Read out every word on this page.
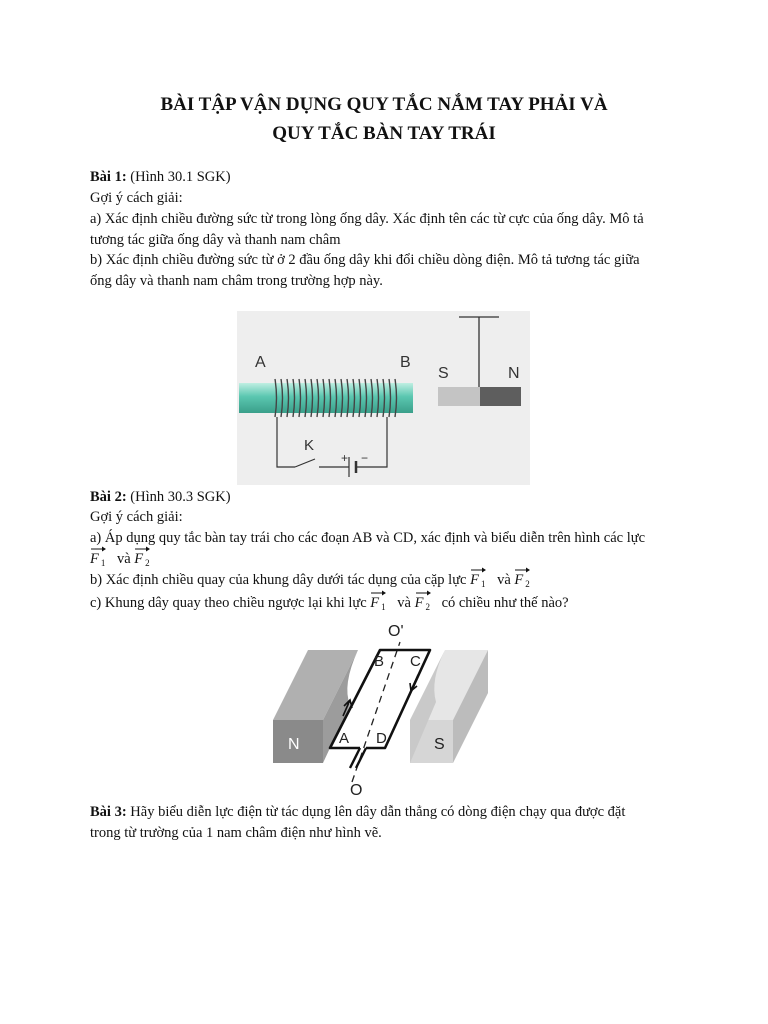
BÀI TẬP VẬN DỤNG QUY TẮC NẮM TAY PHẢI VÀ
QUY TẮC BÀN TAY TRÁI

Bài 1: (Hình 30.1 SGK)

Gợi ý cách giải:

a) Xác định chiều đường sức từ trong lòng ống dây. Xác định tên các từ cực của ống dây. Mô tả

tương tác giữa ống dây và thanh nam châm

b) Xác định chiều đường sức từ ở 2 đầu ống dây khi đổi chiều dòng điện. Mô tả tương tác giữa

ống dây và thanh nam châm trong trường hợp này.

+ −
A	B
K
S	N

Bài 2: (Hình 30.3 SGK)

Gợi ý cách giải:

a) Áp dụng quy tắc bàn tay trái cho các đoạn AB và CD, xác định và biểu diễn trên hình các lực

F $_1$ và
F $_2$

b) Xác định chiều quay của khung dây dưới tác dụng của cặp lực
F $_1$ và
F $_2$

c) Khung dây quay theo chiều ngược lại khi lực
F $_1$ và
F $_2$ có chiều như thế nào?

O'
B C
A D
N	S
O

Bài 3: Hãy biểu diễn lực điện từ tác dụng lên dây dẫn thẳng có dòng điện chạy qua được đặt

trong từ trường của 1 nam châm điện như hình vẽ.
